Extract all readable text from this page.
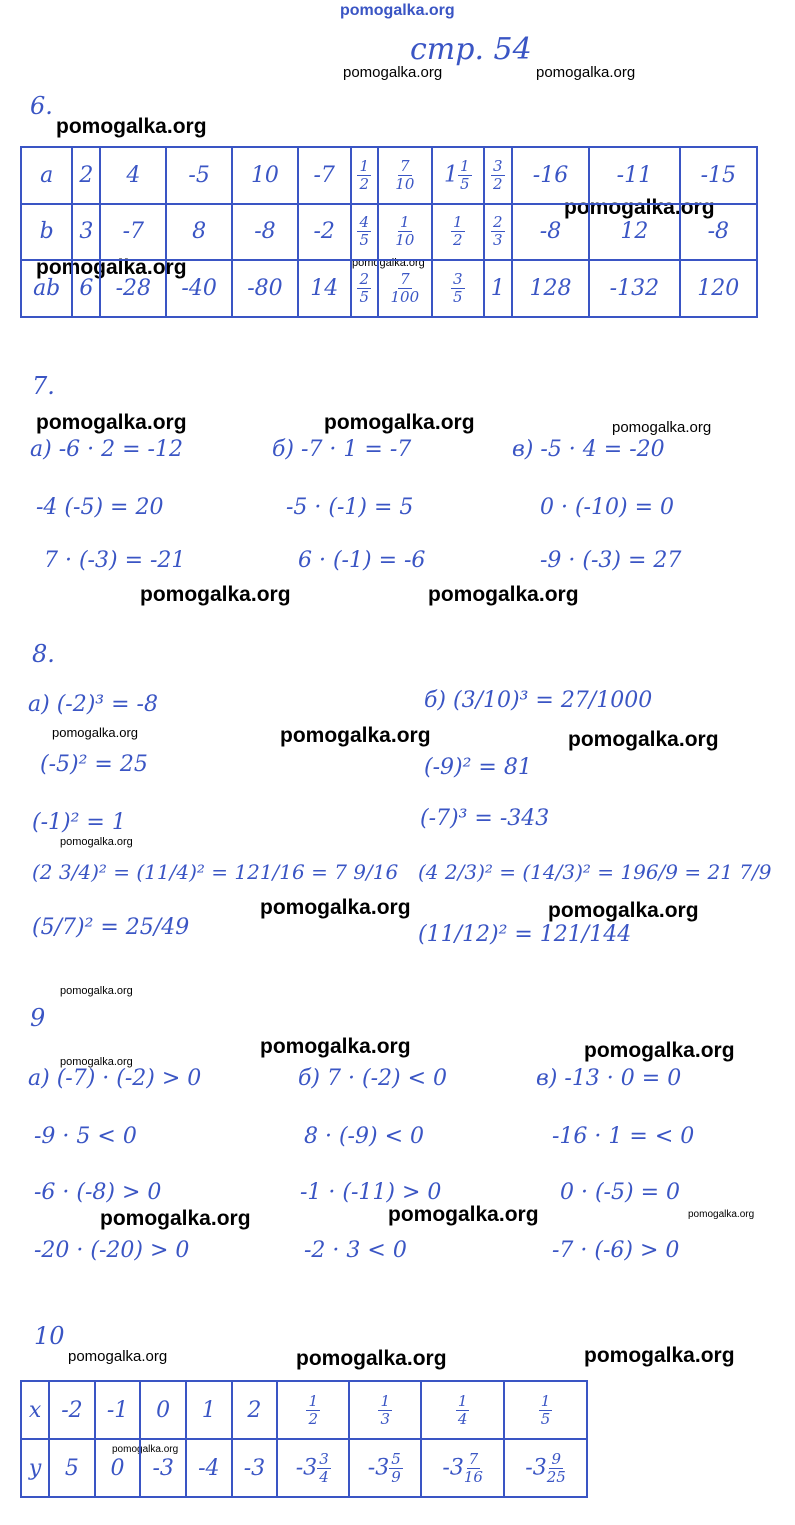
pomogalka.org
стр. 54
pomogalka.org	pomogalka.org
pomogalka.org
pomogalka.org
pomogalka.org	pomogalka.org
pomogalka.org	pomogalka.org	pomogalka.org
pomogalka.org	pomogalka.org
pomogalka.org	pomogalka.org	pomogalka.org
pomogalka.org
pomogalka.org	pomogalka.org
pomogalka.org
pomogalka.org	pomogalka.org
pomogalka.org
pomogalka.org	pomogalka.org	pomogalka.org
pomogalka.org	pomogalka.org	pomogalka.org
pomogalka.org
6.
a	2	4	-5	10	-7	$\frac{1}{2}$	$\frac{7}{10}$	$1 \frac{1}{5}$	$\frac{3}{2}$	-16	-11	-15
b	3	-7	8	-8	-2	$\frac{4}{5}$	$\frac{1}{10}$	$\frac{1}{2}$	$\frac{2}{3}$	-8	12	-8
ab	6	-28	-40	-80	14	$\frac{2}{5}$	$\frac{7}{100}$	$\frac{3}{5}$	1	128	-132	120
7.
а) -6 · 2 = -12
-4 (-5) = 20
7 · (-3) = -21
б) -7 · 1 = -7
-5 · (-1) = 5
6 · (-1) = -6
в) -5 · 4 = -20
0 · (-10) = 0
-9 · (-3) = 27
8.
а) (-2)³ = -8
(-5)² = 25
(-1)² = 1
(2 3/4)² = (11/4)² = 121/16 = 7 9/16
(5/7)² = 25/49
б) (3/10)³ = 27/1000
(-9)² = 81
(-7)³ = -343
(4 2/3)² = (14/3)² = 196/9 = 21 7/9
(11/12)² = 121/144
9
а) (-7) · (-2) > 0
-9 · 5 < 0
-6 · (-8) > 0
-20 · (-20) > 0
б) 7 · (-2) < 0
8 · (-9) < 0
-1 · (-11) > 0
-2 · 3 < 0
в) -13 · 0 = 0
-16 · 1 = < 0
0 · (-5) = 0
-7 · (-6) > 0
10
x	-2	-1	0	1	2	$\frac{1}{2}$	$\frac{1}{3}$	$\frac{1}{4}$	$\frac{1}{5}$

y	5	0	-3	-4	-3	$-3 \frac{3}{4}$	$-3 \frac{5}{9}$	$-3 \frac{7}{16}$	$-3 \frac{9}{25}$
